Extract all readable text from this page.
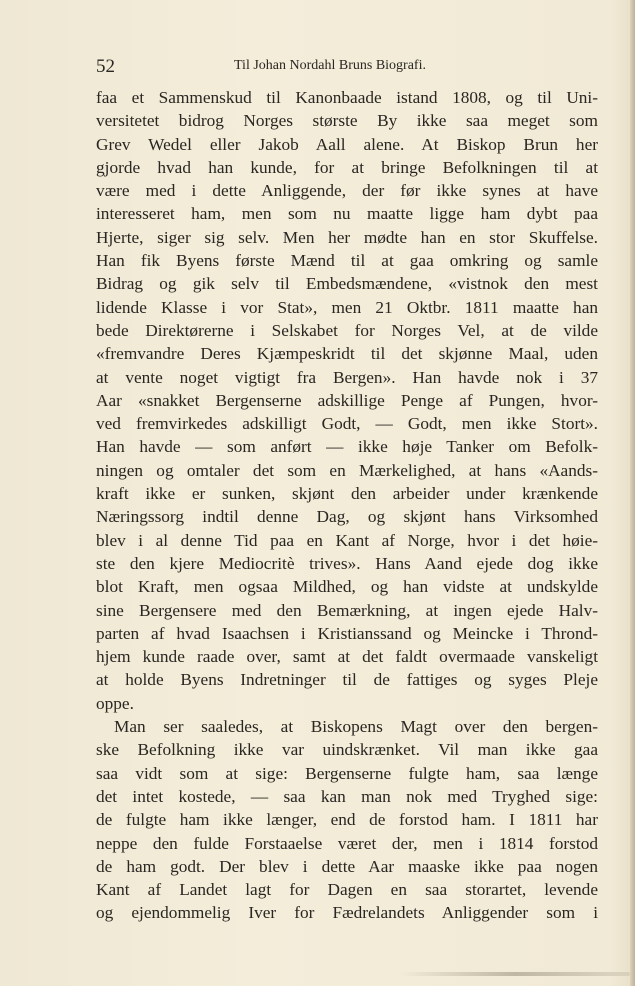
52	Til Johan Nordahl Bruns Biografi.
faa et Sammenskud til Kanonbaade istand 1808, og til Uni-
versitetet bidrog Norges største By ikke saa meget som
Grev Wedel eller Jakob Aall alene. At Biskop Brun her
gjorde hvad han kunde, for at bringe Befolkningen til at
være med i dette Anliggende, der før ikke synes at have
interesseret ham, men som nu maatte ligge ham dybt paa
Hjerte, siger sig selv. Men her mødte han en stor Skuffelse.
Han fik Byens første Mænd til at gaa omkring og samle
Bidrag og gik selv til Embedsmændene, «vistnok den mest
lidende Klasse i vor Stat», men 21 Oktbr. 1811 maatte han
bede Direktørerne i Selskabet for Norges Vel, at de vilde
«fremvandre Deres Kjæmpeskridt til det skjønne Maal, uden
at vente noget vigtigt fra Bergen». Han havde nok i 37
Aar «snakket Bergenserne adskillige Penge af Pungen, hvor-
ved fremvirkedes adskilligt Godt, — Godt, men ikke Stort».
Han havde — som anført — ikke høje Tanker om Befolk-
ningen og omtaler det som en Mærkelighed, at hans «Aands-
kraft ikke er sunken, skjønt den arbeider under krænkende
Næringssorg indtil denne Dag, og skjønt hans Virksomhed
blev i al denne Tid paa en Kant af Norge, hvor i det høie-
ste den kjere Mediocritè trives». Hans Aand ejede dog ikke
blot Kraft, men ogsaa Mildhed, og han vidste at undskylde
sine Bergensere med den Bemærkning, at ingen ejede Halv-
parten af hvad Isaachsen i Kristianssand og Meincke i Thrond-
hjem kunde raade over, samt at det faldt overmaade vanskeligt
at holde Byens Indretninger til de fattiges og syges Pleje
oppe.
Man ser saaledes, at Biskopens Magt over den bergen-
ske Befolkning ikke var uindskrænket. Vil man ikke gaa
saa vidt som at sige: Bergenserne fulgte ham, saa længe
det intet kostede, — saa kan man nok med Tryghed sige:
de fulgte ham ikke længer, end de forstod ham. I 1811 har
neppe den fulde Forstaaelse været der, men i 1814 forstod
de ham godt. Der blev i dette Aar maaske ikke paa nogen
Kant af Landet lagt for Dagen en saa storartet, levende
og ejendommelig Iver for Fædrelandets Anliggender som i
